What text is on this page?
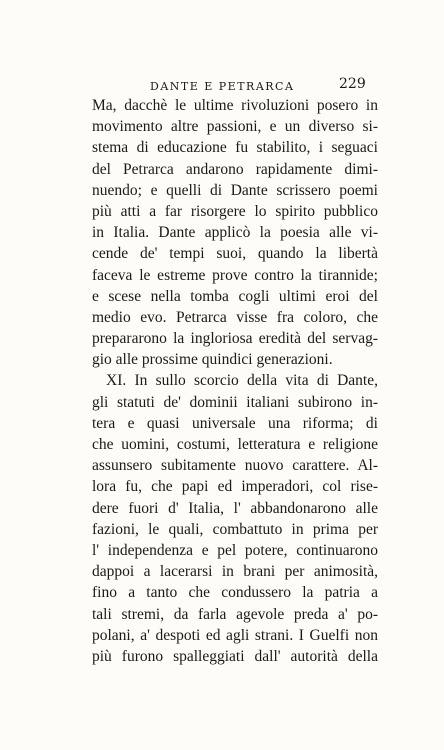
DANTE E PETRARCA	229
Ma, dacchè le ultime rivoluzioni posero in
movimento altre passioni, e un diverso si-
stema di educazione fu stabilito, i seguaci
del Petrarca andarono rapidamente dimi-
nuendo; e quelli di Dante scrissero poemi
più atti a far risorgere lo spirito pubblico
in Italia. Dante applicò la poesia alle vi-
cende de' tempi suoi, quando la libertà
faceva le estreme prove contro la tirannide;
e scese nella tomba cogli ultimi eroi del
medio evo. Petrarca visse fra coloro, che
prepararono la ingloriosa eredità del servag-
gio alle prossime quindici generazioni.
XI. In sullo scorcio della vita di Dante,
gli statuti de' dominii italiani subirono in-
tera e quasi universale una riforma; di
che uomini, costumi, letteratura e religione
assunsero subitamente nuovo carattere. Al-
lora fu, che papi ed imperadori, col rise-
dere fuori d' Italia, l' abbandonarono alle
fazioni, le quali, combattuto in prima per
l' independenza e pel potere, continuarono
dappoi a lacerarsi in brani per animosità,
fino a tanto che condussero la patria a
tali stremi, da farla agevole preda a' po-
polani, a' despoti ed agli strani. I Guelfi non
più furono spalleggiati dall' autorità della
